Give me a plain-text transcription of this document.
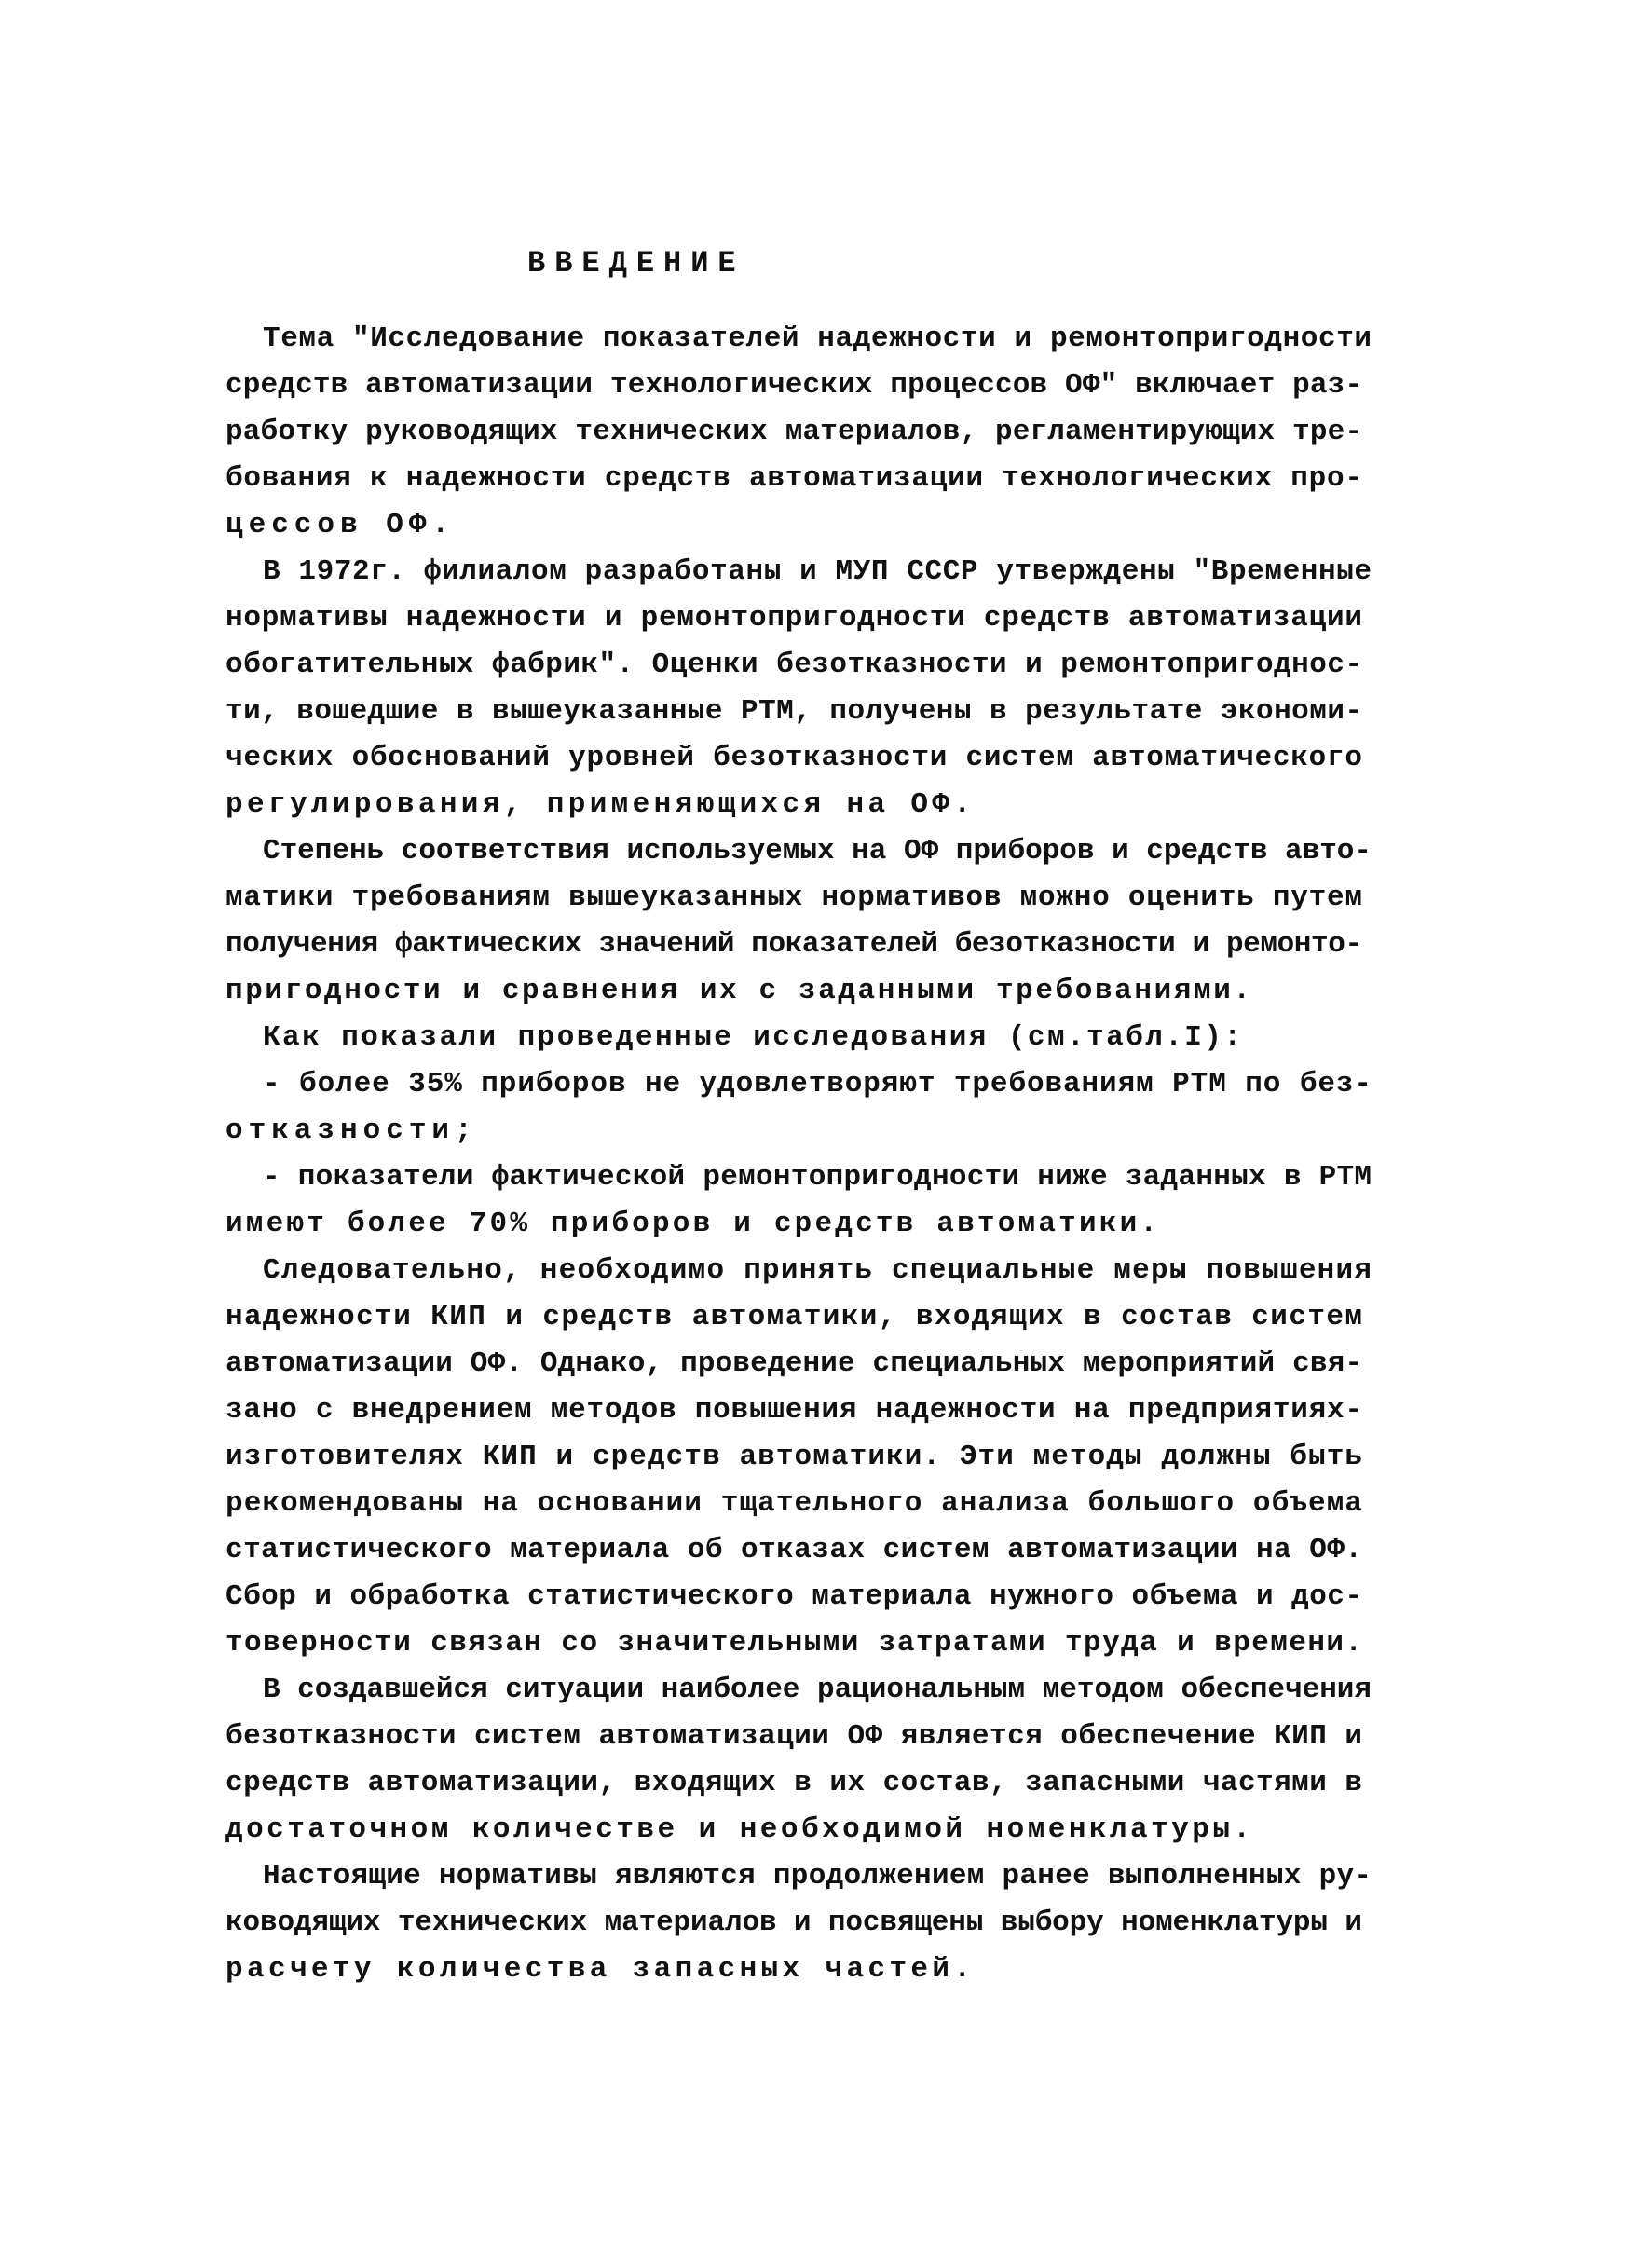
ВВЕДЕНИЕ
Тема "Исследование показателей надежности и ремонтопригодности
средств автоматизации технологических процессов ОФ" включает раз-
работку руководящих технических материалов, регламентирующих тре-
бования к надежности средств автоматизации технологических про-
цессов ОФ.
В 1972г. филиалом разработаны и МУП СССР утверждены "Временные
нормативы надежности и ремонтопригодности средств автоматизации
обогатительных фабрик". Оценки безотказности и ремонтопригоднос-
ти, вошедшие в вышеуказанные РТМ, получены в результате экономи-
ческих обоснований уровней безотказности систем автоматического
регулирования, применяющихся на ОФ.
Степень соответствия используемых на ОФ приборов и средств авто-
матики требованиям вышеуказанных нормативов можно оценить путем
получения фактических значений показателей безотказности и ремонто-
пригодности и сравнения их с заданными требованиями.
Как показали проведенные исследования (см.табл.I):
- более 35% приборов не удовлетворяют требованиям РТМ по без-
отказности;
- показатели фактической ремонтопригодности ниже заданных в РТМ
имеют более 70% приборов и средств автоматики.
Следовательно, необходимо принять специальные меры повышения
надежности КИП и средств автоматики, входящих в состав систем
автоматизации ОФ. Однако, проведение специальных мероприятий свя-
зано с внедрением методов повышения надежности на предприятиях-
изготовителях КИП и средств автоматики. Эти методы должны быть
рекомендованы на основании тщательного анализа большого объема
статистического материала об отказах систем автоматизации на ОФ.
Сбор и обработка статистического материала нужного объема и дос-
товерности связан со значительными затратами труда и времени.
В создавшейся ситуации наиболее рациональным методом обеспечения
безотказности систем автоматизации ОФ является обеспечение КИП и
средств автоматизации, входящих в их состав, запасными частями в
достаточном количестве и необходимой номенклатуры.
Настоящие нормативы являются продолжением ранее выполненных ру-
ководящих технических материалов и посвящены выбору номенклатуры и
расчету количества запасных частей.
